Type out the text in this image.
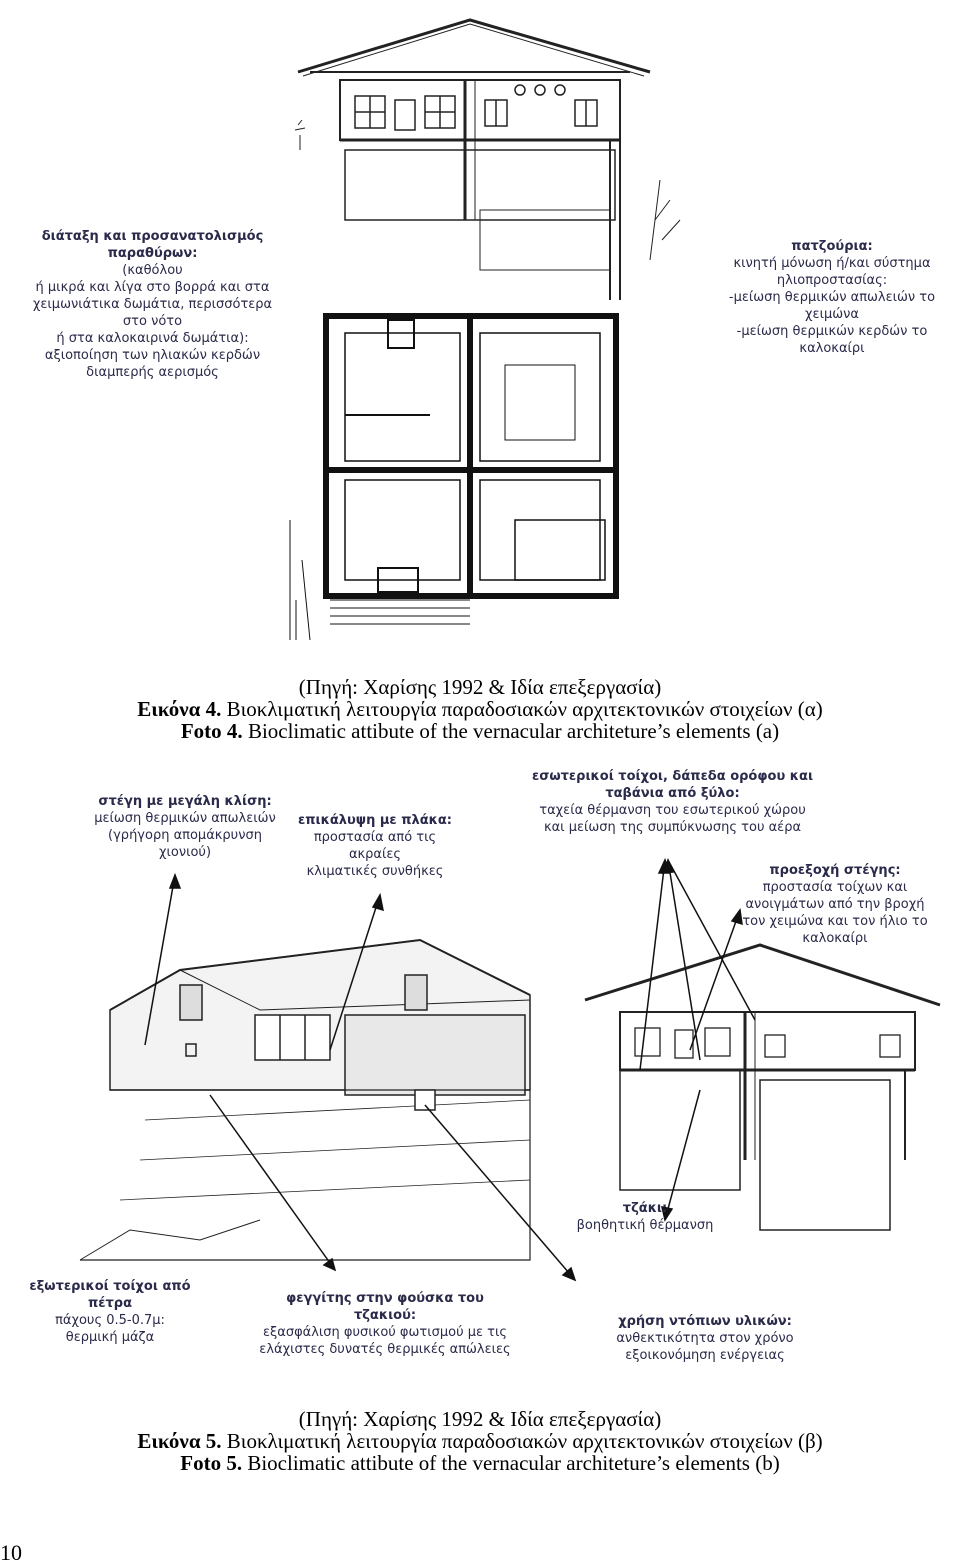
διάταξη και προσανατολισμός παραθύρων:
(καθόλου
ή μικρά και λίγα στο βορρά και στα
χειμωνιάτικα δωμάτια, περισσότερα
στο νότο
ή στα καλοκαιρινά δωμάτια):
αξιοποίηση των ηλιακών κερδών
διαμπερής αερισμός
πατζούρια:
κινητή μόνωση ή/και σύστημα
ηλιοπροστασίας:
-μείωση θερμικών απωλειών το
χειμώνα
-μείωση θερμικών κερδών το
καλοκαίρι
(Πηγή: Χαρίσης 1992 & Ιδία επεξεργασία)
Εικόνα 4. Βιοκλιματική λειτουργία παραδοσιακών αρχιτεκτονικών στοιχείων (α)
Foto 4. Bioclimatic attibute of the vernacular architeture’s elements (a)
στέγη με μεγάλη κλίση:
μείωση θερμικών απωλειών
(γρήγορη απομάκρυνση
χιονιού)
επικάλυψη με πλάκα:
προστασία από τις ακραίες
κλιματικές συνθήκες
εσωτερικοί τοίχοι, δάπεδα ορόφου και ταβάνια από ξύλο:
ταχεία θέρμανση του εσωτερικού χώρου
και μείωση της συμπύκνωσης του αέρα
προεξοχή στέγης:
προστασία τοίχων και
ανοιγμάτων από την βροχή
τον χειμώνα και τον ήλιο το
καλοκαίρι
τζάκι:
βοηθητική θέρμανση
εξωτερικοί τοίχοι από πέτρα
πάχους 0.5-0.7μ:
θερμική μάζα
φεγγίτης στην φούσκα του τζακιού:
εξασφάλιση φυσικού φωτισμού με τις
ελάχιστες δυνατές θερμικές απώλειες
χρήση ντόπιων υλικών:
ανθεκτικότητα στον χρόνο
εξοικονόμηση ενέργειας
(Πηγή: Χαρίσης 1992 & Ιδία επεξεργασία)
Εικόνα 5. Βιοκλιματική λειτουργία παραδοσιακών αρχιτεκτονικών στοιχείων (β)
Foto 5. Bioclimatic attibute of the vernacular architeture’s elements (b)
10
